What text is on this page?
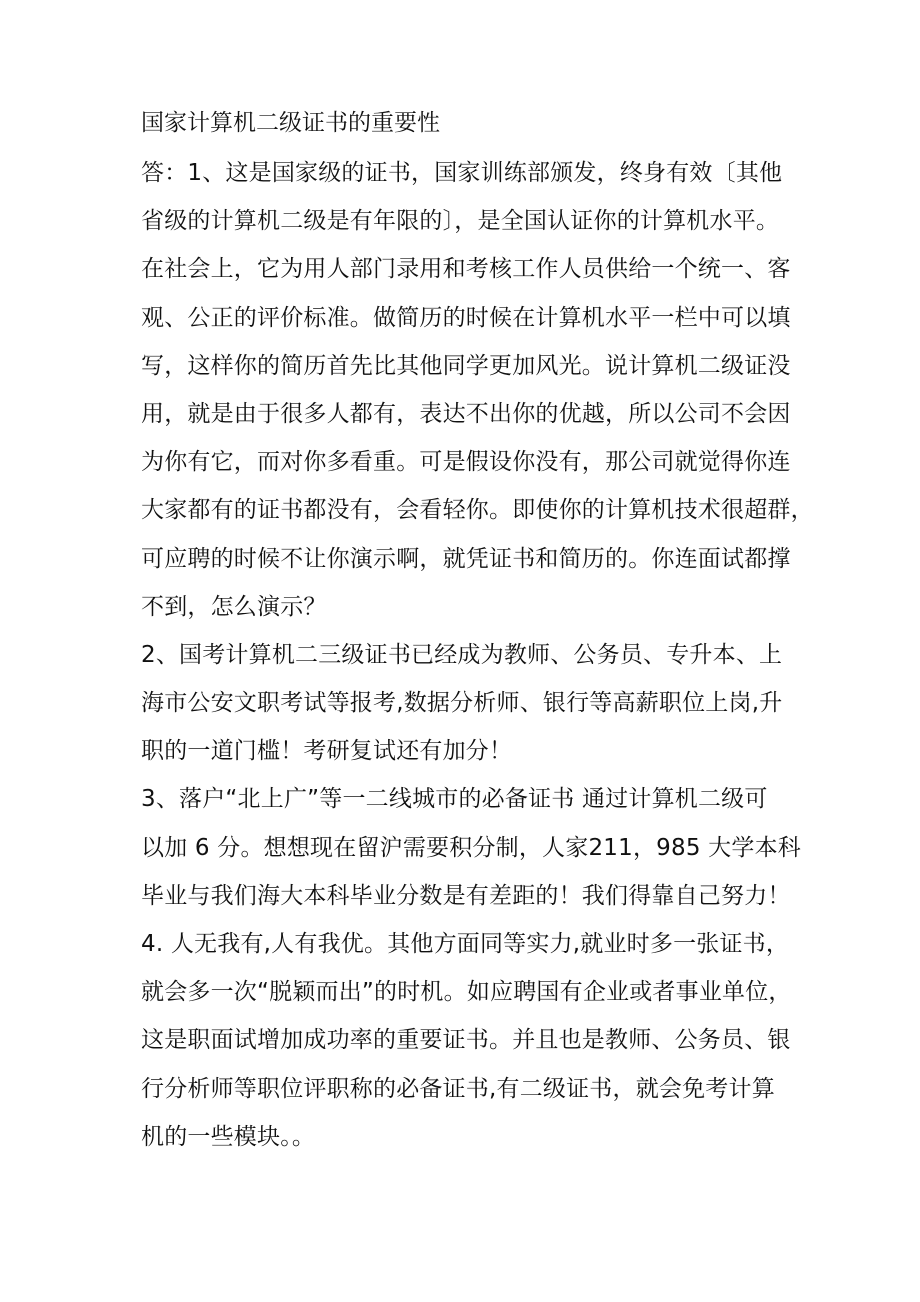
国家计算机二级证书的重要性
答：1、这是国家级的证书，国家训练部颁发，终身有效〔其他
省级的计算机二级是有年限的〕，是全国认证你的计算机水平。
在社会上，它为用人部门录用和考核工作人员供给一个统一、客
观、公正的评价标准。做简历的时候在计算机水平一栏中可以填
写，这样你的简历首先比其他同学更加风光。说计算机二级证没
用，就是由于很多人都有，表达不出你的优越，所以公司不会因
为你有它，而对你多看重。可是假设你没有，那公司就觉得你连
大家都有的证书都没有，会看轻你。即使你的计算机技术很超群，
可应聘的时候不让你演示啊，就凭证书和简历的。你连面试都撑
不到，怎么演示？
2、国考计算机二三级证书已经成为教师、公务员、专升本、上
海市公安文职考试等报考,数据分析师、银行等高薪职位上岗,升
职的一道门槛！考研复试还有加分！
3、落户“北上广”等一二线城市的必备证书 通过计算机二级可
以加 6 分。想想现在留沪需要积分制，人家211，985 大学本科
毕业与我们海大本科毕业分数是有差距的！我们得靠自己努力！
4. 人无我有,人有我优。其他方面同等实力,就业时多一张证书，
就会多一次“脱颖而出”的时机。如应聘国有企业或者事业单位，
这是职面试增加成功率的重要证书。并且也是教师、公务员、银
行分析师等职位评职称的必备证书,有二级证书，就会免考计算
机的一些模块。。
